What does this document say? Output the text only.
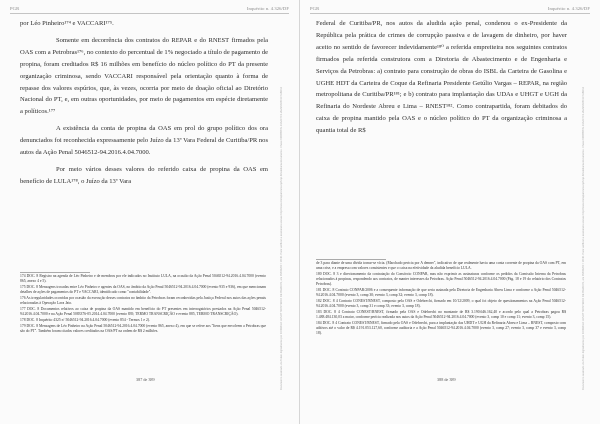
PGR	Inquérito n. 4.326/DF

por Léo Pinheiro¹⁷⁴ e VACCARI¹⁷⁵.

Somente em decorrência dos contratos do REPAR e do RNEST firmados pela OAS com a Petrobras¹⁷⁶, no contexto do percentual de 1% negociado a título de pagamento de propina, foram creditados R$ 16 milhões em benefício do núcleo político do PT da presente organização criminosa, sendo VACCARI responsável pela orientação quanto à forma de repasse dos valores espúrios, que, às vezes, ocorria por meio de doação oficial ao Diretório Nacional do PT, e, em outras oportunidades, por meio de pagamentos em espécie diretamente a políticos.¹⁷⁷

A existência da conta de propina da OAS em prol do grupo político dos ora denunciados foi reconhecida expressamente pelo Juízo da 13ª Vara Federal de Curitiba/PR nos autos da Ação Penal 5046512-94.2016.4.04.7000.

Por meio vários desses valores do referido caixa de propina da OAS em benefício de LULA¹⁷⁸, o Juízo da 13ª Vara

174 DOC. 8 Registro na agenda de Léo Pinheiro e de membros por ele indicados no Instituto LULA, na ocasião da Ação Penal 5046512-94.2016.4.04.7000 (evento 865, anexo 4 e 5).

175 DOC. 8 Mensagens trocadas entre Léo Pinheiro e agentes da OAS, no âmbito da Ação Penal 5046512-94.2016.4.04.7000 (evento 935 e 936), em que mencionam detalhes de ações de pagamentos do PT e VACCARI, identificado como "contabilidade".

176 As irregularidades ocorridas por ocasião da execução desses contratos no âmbito da Petrobras foram reconhecidas pela Justiça Federal nos autos das ações penais relacionadas à Operação Lava Jato.

177 DOC. 8 Documentos relativos ao caixa de propina da OAS mantido em benefício do PT presentes em interrogatórios prestados na Ação Penal 5046512-94.2016.4.04.7000 e na Ação Penal 5083376-05.2014.4.04.7000 (evento 839, TERMO TRANSCRIÇÃO e evento 885, TERMO TRANSCRIÇÃO).

178 DOC. 8 Inquérito 4325 nº 5046512-94.2016.4.04.7000 (evento 854 - Termos 1 e 2).

179 DOC. 8 Mensagens de Léo Pinheiro na Ação Penal 5046512-94.2016.4.04.7000 (evento 865, anexo 4), em que se refere aos "Itens que envolvem a Petrobras que são do PT". Também foram citados valores creditados na OAS/PT na ordem de R$ 2 milhões.

387 de 389	Documento assinado via Token digitalmente por RODRIGO JANOT MONTEIRO DE BARROS, em 05/09/2017 18:40. Para verificar a assinatura acesse http://www.transparencia.mpf.mp.br/validacaodocumento. Chave 6D5B5B7E.13A2C7F1.2E2E5A5B.3C7A8D12
PGR	Inquérito n. 4.326/DF

Federal de Curitiba/PR, nos autos da aludida ação penal, condenou o ex-Presidente da República pela prática de crimes de corrupção passiva e de lavagem de dinheiro, por haver aceito no sentido de favorecer indevidamente¹⁸⁰ a referida empreiteira nos seguintes contratos firmados pela referida construtora com a Diretoria de Abastecimento e de Engenharia e Serviços da Petrobras: a) contrato para construção de obras do ISBL da Carteira de Gasolina e UGHE HDT da Carteira de Coque da Refinaria Presidente Getúlio Vargas – REPAR, na região metropolitana de Curitiba/PR¹⁸¹; e b) contrato para implantação das UDAs e UHGT e UGH da Refinaria do Nordeste Abreu e Lima – RNEST¹⁸². Como contrapartida, foram debitados do caixa de propina mantido pela OAS e o núcleo político do PT da organização criminosa a quantia total de R$

de 3 para diante de uma dívida tornar-se vícia. (Marchado pericia por A denner", indicativo de que realmente havia uma conta corrente de propina da OAS com PT, em uma crise, e a empresa com valores consistentes e que o caixa na efetividade da aludida benefício LULA.

180 DOC. 8 3 e direcionamento da contratação do Consórcio CONPAR, mas não exprimir as assinaturas conforme os pedidos da Comissão Interna da Petrobras relacionados à propinas, respondendo aos contratos, de manter interesses da Petrobras. Ação Penal 5046512-94.2016.4.04.7000 (Pág. 18 e 19 do relatório dos Contratos Petrobras).

181 DOC. 8 Contrato CONPAR/2006 e a consequente informação de que seria assinada pela Diretoria de Engenharia Abreu Lima e conforme a Ação Penal 5046512-94.2016.4.04.7000 (evento 3, comp 30; evento 3, comp 32; evento 3, comp 18).

182 DOC. 8 4 Contrato CONEST/RNEST, composto pela OAS e Odebrecht, firmado em 10/12/2009, o qual foi objeto de questionamentos na Ação Penal 5046512-94.2016.4.04.7000 (evento 3, comp 31 e comp 33; evento 3, comp 18).

183 DOC. 8 4 Contrato CONEST/RNEST, firmado pela OAS e Odebrecht no montante de R$ 3.190.646.162,40 e acordo pelo qual a Petrobras pagou R$ 1.488.484.130,03 a maior, conforme perícia realizada nos autos da Ação Penal 5046512-94.2016.4.04.7000 (evento 3, comp 10 e comp 11; evento 3, comp 15).

184 DOC. 8 4 Contrato CONEST/RNEST, firmado pela OAS e Odebrecht, para a implantação das UHDT e UGH da Refinaria Abreu e Lima – RNEST, composto com aditivos até o valor de R$ 4.191.053.127,60, conforme auditoria e a Ação Penal 5046512-94.2016.4.04.7000 (evento 3, comp 27; evento 3, comp 37 e evento 3, comp 18).

388 de 389	Documento assinado via Token digitalmente por RODRIGO JANOT MONTEIRO DE BARROS, em 05/09/2017 18:40. Para verificar a assinatura acesse http://www.transparencia.mpf.mp.br/validacaodocumento. Chave 6D5B5B7E.13A2C7F1.2E2E5A5B.3C7A8D12
